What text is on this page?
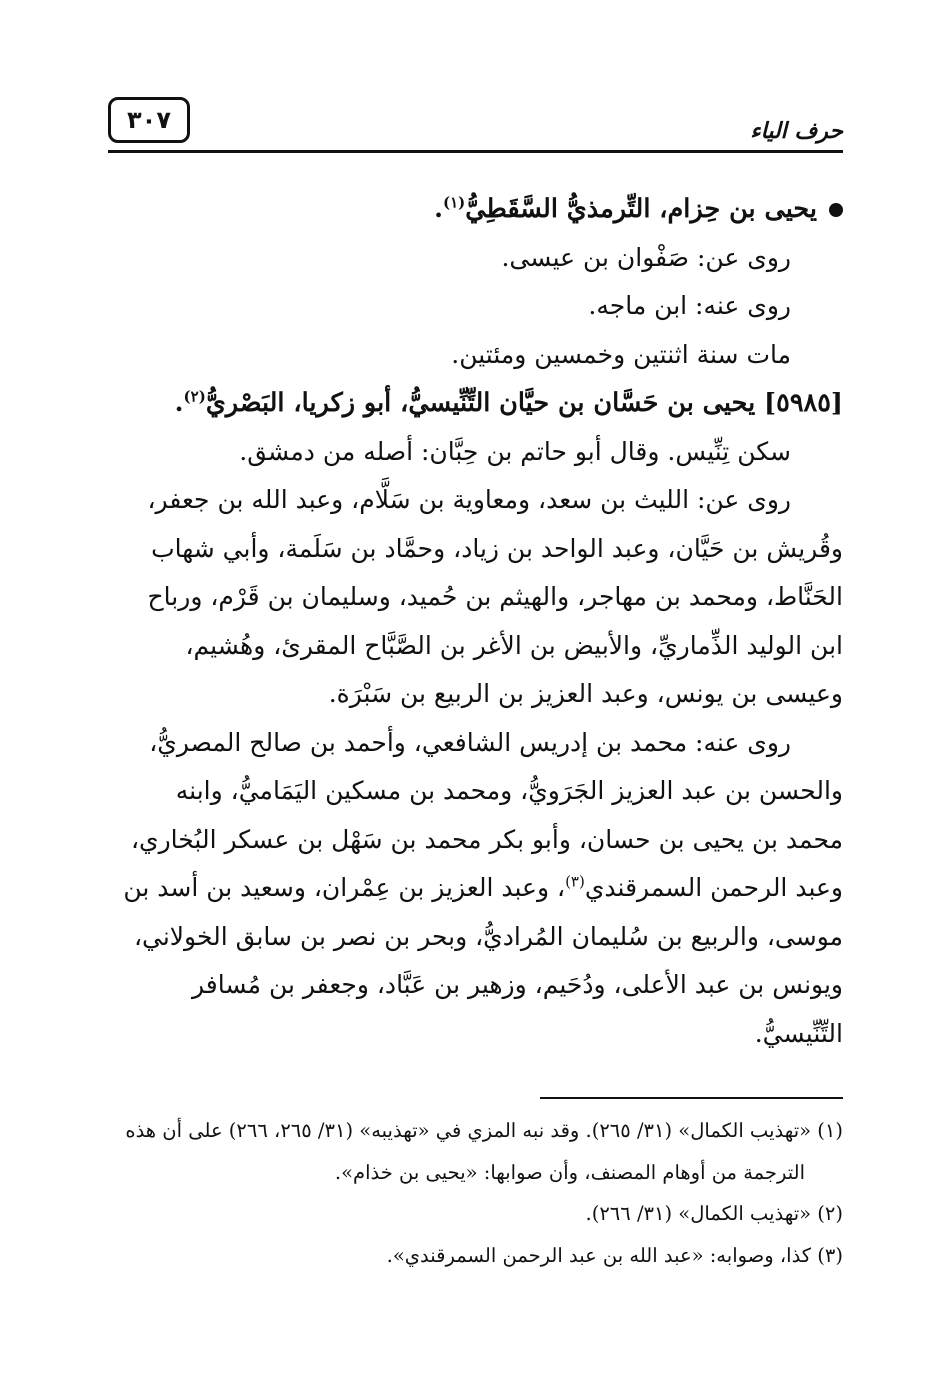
٣٠٧	حرف الياء

يحيى بن حِزام، التِّرمذيُّ السَّقَطِيُّ$^{(١)}$.

روى عن: صَفْوان بن عيسى.

روى عنه: ابن ماجه.

مات سنة اثنتين وخمسين ومئتين.

[٥٩٨٥] يحيى بن حَسَّان بن حيَّان التِّنِّيسيُّ، أبو زكريا، البَصْريُّ$^{(٢)}$.

سكن تِنِّيس. وقال أبو حاتم بن حِبَّان: أصله من دمشق.

روى عن: الليث بن سعد، ومعاوية بن سَلَّام، وعبد الله بن جعفر،

وقُريش بن حَيَّان، وعبد الواحد بن زياد، وحمَّاد بن سَلَمة، وأبي شهاب

الحَنَّاط، ومحمد بن مهاجر، والهيثم بن حُميد، وسليمان بن قَرْم، ورباح

ابن الوليد الذِّماريِّ، والأبيض بن الأغر بن الصَّبَّاح المقرئ، وهُشيم،

وعيسى بن يونس، وعبد العزيز بن الربيع بن سَبْرَة.

روى عنه: محمد بن إدريس الشافعي، وأحمد بن صالح المصريُّ،

والحسن بن عبد العزيز الجَرَويُّ، ومحمد بن مسكين اليَمَاميُّ، وابنه

محمد بن يحيى بن حسان، وأبو بكر محمد بن سَهْل بن عسكر البُخاري،

وعبد الرحمن السمرقندي$^{(٣)}$، وعبد العزيز بن عِمْران، وسعيد بن أسد بن

موسى، والربيع بن سُليمان المُراديُّ، وبحر بن نصر بن سابق الخولاني،

ويونس بن عبد الأعلى، ودُحَيم، وزهير بن عَبَّاد، وجعفر بن مُسافر

التِّنِّيسيُّ.

(١) «تهذيب الكمال» (٣١/ ٢٦٥). وقد نبه المزي في «تهذيبه» (٣١/ ٢٦٥، ٢٦٦) على أن هذه

الترجمة من أوهام المصنف، وأن صوابها: «يحيى بن خذام».

(٢) «تهذيب الكمال» (٣١/ ٢٦٦).

(٣) كذا، وصوابه: «عبد الله بن عبد الرحمن السمرقندي».
